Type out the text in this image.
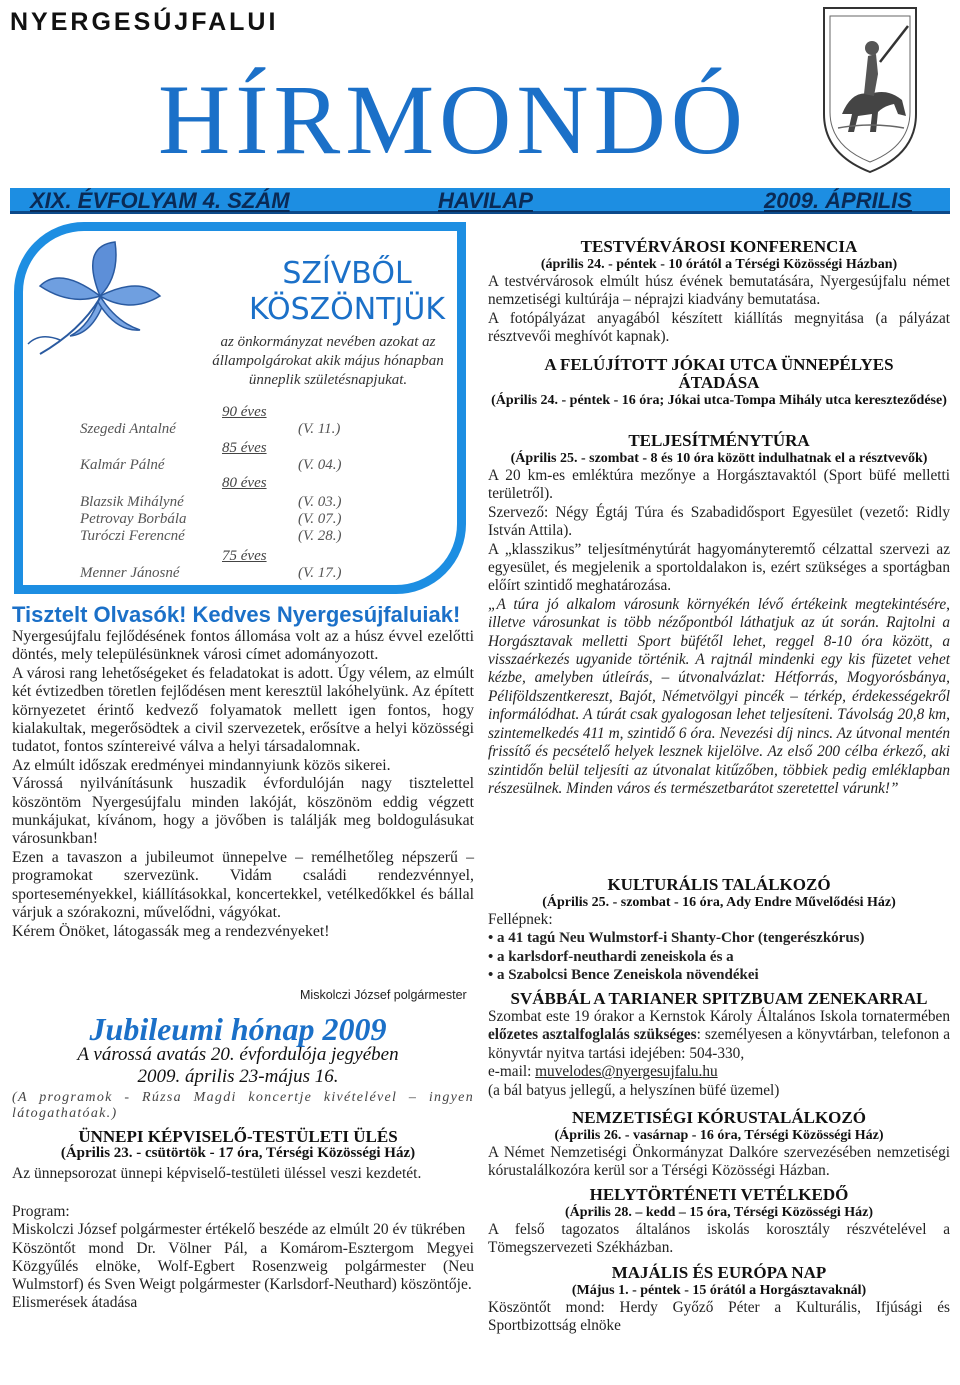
NYERGESÚJFALUI
HÍRMONDÓ
XIX. ÉVFOLYAM 4. SZÁM	HAVILAP	2009. ÁPRILIS
SZÍVBŐL
KÖSZÖNTJÜK
az önkormányzat nevében azokat az állampolgárokat akik május hónapban ünneplik születésnapjukat.
90 éves
Szegedi Antalné	(V. 11.)
85 éves
Kalmár Pálné	(V. 04.)
80 éves
Blazsik Mihályné	(V. 03.)
Petrovay Borbála	(V. 07.)
Turóczi Ferencné	(V. 28.)
75 éves
Menner Jánosné	(V. 17.)
Tisztelt Olvasók! Kedves Nyergesújfaluiak!

Nyergesújfalu fejlődésének fontos állomása volt az a húsz évvel ezelőtti döntés, mely településünknek városi címet adományozott.

A városi rang lehetőségeket és feladatokat is adott. Úgy vélem, az elmúlt két évtizedben töretlen fejlődésen ment keresztül lakóhelyünk. Az épített környezetet érintő kedvező folyamatok mellett igen fontos, hogy kialakultak, megerősödtek a civil szervezetek, erősítve a helyi közösségi tudatot, fontos színtereivé válva a helyi társadalomnak.

Az elmúlt időszak eredményei mindannyiunk közös sikerei.

Várossá nyilvánításunk huszadik évfordulóján nagy tisztelettel köszöntöm Nyergesújfalu minden lakóját, köszönöm eddig végzett munkájukat, kívánom, hogy a jövőben is találják meg boldogulásukat városunkban!

Ezen a tavaszon a jubileumot ünnepelve – remélhetőleg népszerű – programokat szervezünk. Vidám családi rendezvénnyel, sporteseményekkel, kiállításokkal, koncertekkel, vetélkedőkkel és bállal várjuk a szórakozni, művelődni, vágyókat.

Kérem Önöket, látogassák meg a rendezvényeket!

Miskolczi József polgármester
Jubileumi hónap 2009
A várossá avatás 20. évfordulója jegyében
2009. április 23-május 16.
(A programok - Rúzsa Magdi koncertje kivételével – ingyen látogathatóak.)
ÜNNEPI KÉPVISELŐ-TESTÜLETI ÜLÉS
(Április 23. - csütörtök - 17 óra, Térségi Közösségi Ház)
Az ünnepsorozat ünnepi képviselő-testületi üléssel veszi kezdetét.

Program:

Miskolczi József polgármester értékelő beszéde az elmúlt 20 év tükrében

Köszöntőt mond Dr. Völner Pál, a Komárom-Esztergom Megyei Közgyűlés elnöke, Wolf-Egbert Rosenzweig polgármester (Neu Wulmstorf) és Sven Weigt polgármester (Karlsdorf-Neuthard) köszöntője.

Elismerések átadása

TESTVÉRVÁROSI KONFERENCIA
(április 24. - péntek - 10 órától a Térségi Közösségi Házban)
A testvérvárosok elmúlt húsz évének bemutatására, Nyergesújfalu német nemzetiségi kultúrája – néprajzi kiadvány bemutatása.
A fotópályázat anyagából készített kiállítás megnyitása (a pályázat résztvevői meghívót kapnak).
A FELÚJÍTOTT JÓKAI UTCA ÜNNEPÉLYES
ÁTADÁSA
(Április 24. - péntek - 16 óra; Jókai utca-Tompa Mihály utca kereszteződése)
TELJESÍTMÉNYTÚRA
(Április 25. - szombat - 8 és 10 óra között indulhatnak el a résztvevők)
A 20 km-es emléktúra mezőnye a Horgásztavaktól (Sport büfé melletti területről).
Szervező: Négy Égtáj Túra és Szabadidősport Egyesület (vezető: Ridly István Attila).
A „klasszikus” teljesítménytúrát hagyományteremtő célzattal szervezi az egyesület, és megjelenik a sportoldalakon is, ezért szükséges a sportágban előírt szintidő meghatározása.
„A túra jó alkalom városunk környékén lévő értékeink megtekintésére, illetve városunkat is több nézőpontból láthatjuk az út során. Rajtolni a Horgásztavak melletti Sport büfétől lehet, reggel 8-10 óra között, a visszaérkezés ugyanide történik. A rajtnál mindenki egy kis füzetet vehet kézbe, amelyben útleírás, – útvonalvázlat: Hétforrás, Mogyorósbánya, Péliföldszentkereszt, Bajót, Németvölgyi pincék – térkép, érdekességekről informálódhat. A túrát csak gyalogosan lehet teljesíteni. Távolság 20,8 km, szintemelkedés 411 m, szintidő 6 óra. Nevezési díj nincs. Az útvonal mentén frissítő és pecsételő helyek lesznek kijelölve. Az első 200 célba érkező, aki szintidőn belül teljesíti az útvonalat kitűzőben, többiek pedig emléklapban részesülnek. Minden város és természetbarátot szeretettel várunk!”
KULTURÁLIS TALÁLKOZÓ
(Április 25. - szombat - 16 óra, Ady Endre Művelődési Ház)
Fellépnek:
• a 41 tagú Neu Wulmstorf-i Shanty-Chor (tengerészkórus)
• a karlsdorf-neuthardi zeneiskola és a
• a Szabolcsi Bence Zeneiskola növendékei
SVÁBBÁL A TARIANER SPITZBUAM ZENEKARRAL
Szombat este 19 órakor a Kernstok Károly Általános Iskola tornatermében előzetes asztalfoglalás szükséges: személyesen a könyvtárban, telefonon a könyvtár nyitva tartási idejében: 504-330,
e-mail: muvelodes@nyergesujfalu.hu
(a bál batyus jellegű, a helyszínen büfé üzemel)
NEMZETISÉGI KÓRUSTALÁLKOZÓ
(Április 26. - vasárnap - 16 óra, Térségi Közösségi Ház)
A Német Nemzetiségi Önkormányzat Dalkóre szervezésében nemzetiségi kórustalálkozóra kerül sor a Térségi Közösségi Házban.
HELYTÖRTÉNETI VETÉLKEDŐ
(Április 28. – kedd – 15 óra, Térségi Közösségi Ház)
A felső tagozatos általános iskolás korosztály részvételével a Tömegszervezeti Székházban.
MAJÁLIS ÉS EURÓPA NAP
(Május 1. - péntek - 15 órától a Horgásztavaknál)
Köszöntőt mond: Herdy Győző Péter a Kulturális, Ifjúsági és Sportbizottság elnöke
